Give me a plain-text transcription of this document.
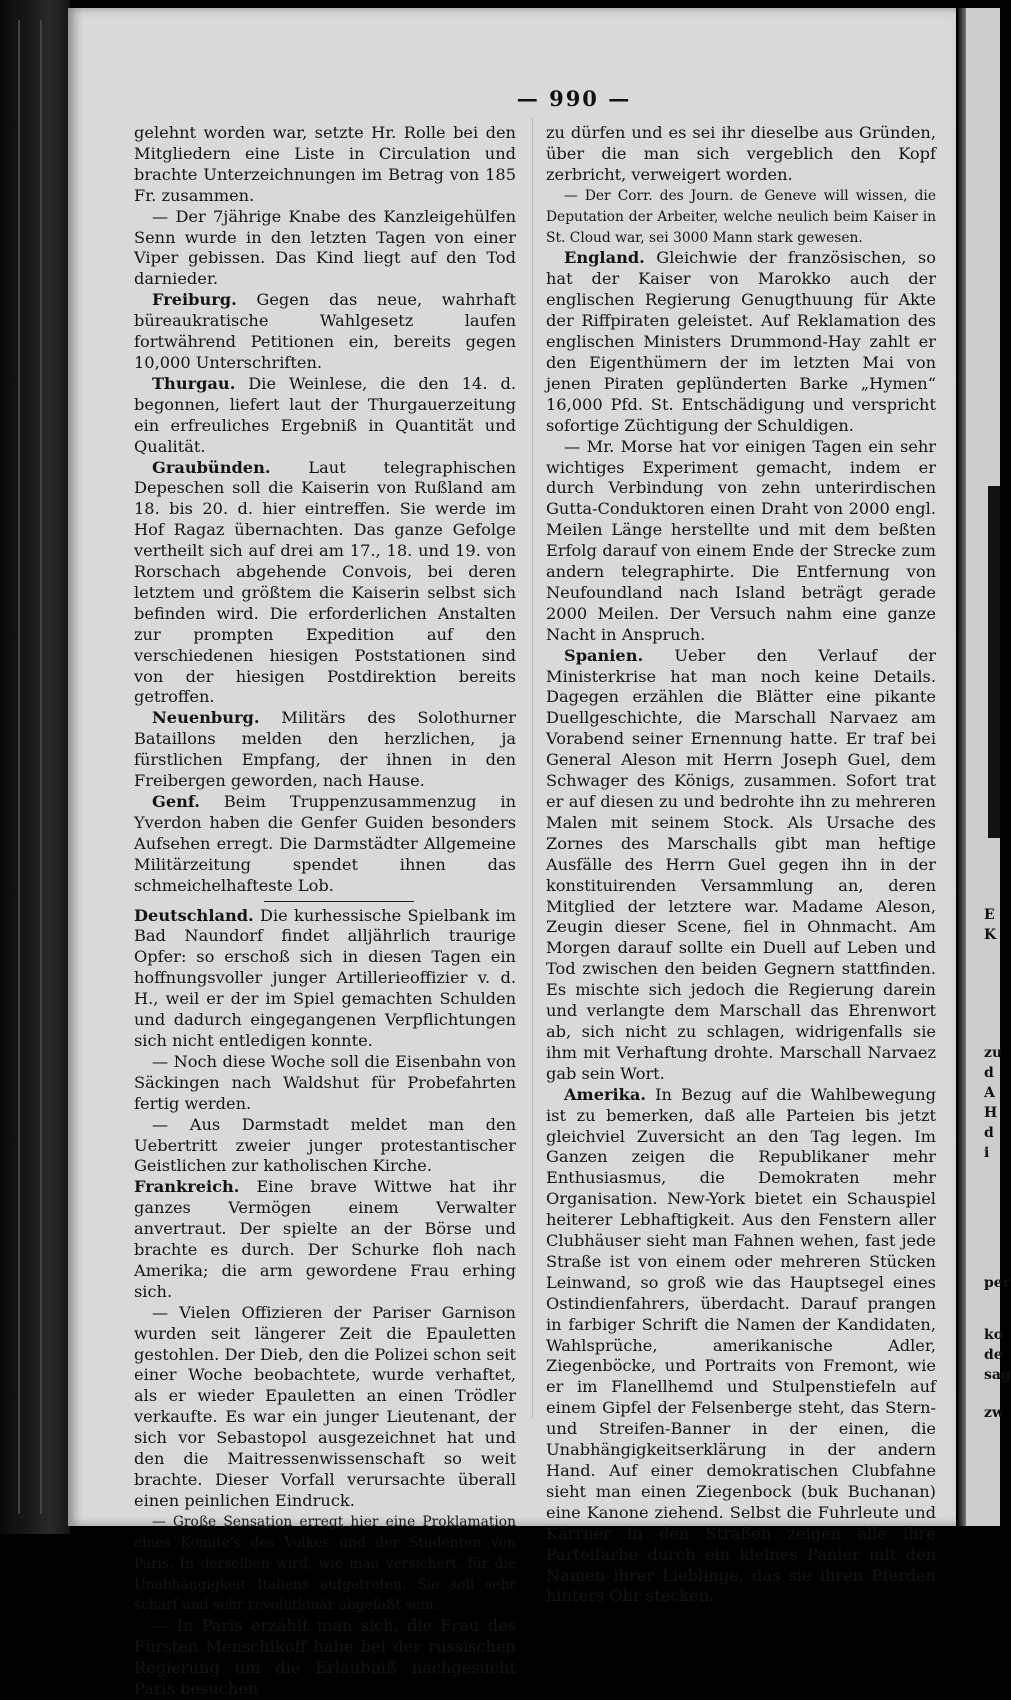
— 990 —

gelehnt worden war, setzte Hr. Rolle bei den Mitgliedern eine Liste in Circulation und brachte Unterzeichnungen im Betrag von 185 Fr. zusammen.

— Der 7jährige Knabe des Kanzleigehülfen Senn wurde in den letzten Tagen von einer Viper gebissen. Das Kind liegt auf den Tod darnieder.

Freiburg. Gegen das neue, wahrhaft büreaukratische Wahlgesetz laufen fortwährend Petitionen ein, bereits gegen 10,000 Unterschriften.

Thurgau. Die Weinlese, die den 14. d. begonnen, liefert laut der Thurgauerzeitung ein erfreuliches Ergebniß in Quantität und Qualität.

Graubünden. Laut telegraphischen Depeschen soll die Kaiserin von Rußland am 18. bis 20. d. hier eintreffen. Sie werde im Hof Ragaz übernachten. Das ganze Gefolge vertheilt sich auf drei am 17., 18. und 19. von Rorschach abgehende Convois, bei deren letztem und größtem die Kaiserin selbst sich befinden wird. Die erforderlichen Anstalten zur prompten Expedition auf den verschiedenen hiesigen Poststationen sind von der hiesigen Postdirektion bereits getroffen.

Neuenburg. Militärs des Solothurner Bataillons melden den herzlichen, ja fürstlichen Empfang, der ihnen in den Freibergen geworden, nach Hause.

Genf. Beim Truppenzusammenzug in Yverdon haben die Genfer Guiden besonders Aufsehen erregt. Die Darmstädter Allgemeine Militärzeitung spendet ihnen das schmeichelhafteste Lob.

Deutschland. Die kurhessische Spielbank im Bad Naundorf findet alljährlich traurige Opfer: so erschoß sich in diesen Tagen ein hoffnungsvoller junger Artillerieoffizier v. d. H., weil er der im Spiel gemachten Schulden und dadurch eingegangenen Verpflichtungen sich nicht entledigen konnte.

— Noch diese Woche soll die Eisenbahn von Säckingen nach Waldshut für Probefahrten fertig werden.

— Aus Darmstadt meldet man den Uebertritt zweier junger protestantischer Geistlichen zur katholischen Kirche.

Frankreich. Eine brave Wittwe hat ihr ganzes Vermögen einem Verwalter anvertraut. Der spielte an der Börse und brachte es durch. Der Schurke floh nach Amerika; die arm gewordene Frau erhing sich.

— Vielen Offizieren der Pariser Garnison wurden seit längerer Zeit die Epauletten gestohlen. Der Dieb, den die Polizei schon seit einer Woche beobachtete, wurde verhaftet, als er wieder Epauletten an einen Trödler verkaufte. Es war ein junger Lieutenant, der sich vor Sebastopol ausgezeichnet hat und den die Maitressenwissenschaft so weit brachte. Dieser Vorfall verursachte überall einen peinlichen Eindruck.

— Große Sensation erregt hier eine Proklamation eines Komite's des Volkes und der Studenten von Paris. In derselben wird, wie man versichert, für die Unabhängigkeit Italiens aufgetreten. Sie soll sehr scharf und sehr revolutionär abgefaßt sein.

— In Paris erzählt man sich, die Frau des Fürsten Menschikoff habe bei der russischen Regierung um die Erlaubniß nachgesucht Paris besuchen

zu dürfen und es sei ihr dieselbe aus Gründen, über die man sich vergeblich den Kopf zerbricht, verweigert worden.

— Der Corr. des Journ. de Geneve will wissen, die Deputation der Arbeiter, welche neulich beim Kaiser in St. Cloud war, sei 3000 Mann stark gewesen.

England. Gleichwie der französischen, so hat der Kaiser von Marokko auch der englischen Regierung Genugthuung für Akte der Riffpiraten geleistet. Auf Reklamation des englischen Ministers Drummond-Hay zahlt er den Eigenthümern der im letzten Mai von jenen Piraten geplünderten Barke „Hymen“ 16,000 Pfd. St. Entschädigung und verspricht sofortige Züchtigung der Schuldigen.

— Mr. Morse hat vor einigen Tagen ein sehr wichtiges Experiment gemacht, indem er durch Verbindung von zehn unterirdischen Gutta-Conduktoren einen Draht von 2000 engl. Meilen Länge herstellte und mit dem beßten Erfolg darauf von einem Ende der Strecke zum andern telegraphirte. Die Entfernung von Neufoundland nach Island beträgt gerade 2000 Meilen. Der Versuch nahm eine ganze Nacht in Anspruch.

Spanien. Ueber den Verlauf der Ministerkrise hat man noch keine Details. Dagegen erzählen die Blätter eine pikante Duellgeschichte, die Marschall Narvaez am Vorabend seiner Ernennung hatte. Er traf bei General Aleson mit Herrn Joseph Guel, dem Schwager des Königs, zusammen. Sofort trat er auf diesen zu und bedrohte ihn zu mehreren Malen mit seinem Stock. Als Ursache des Zornes des Marschalls gibt man heftige Ausfälle des Herrn Guel gegen ihn in der konstituirenden Versammlung an, deren Mitglied der letztere war. Madame Aleson, Zeugin dieser Scene, fiel in Ohnmacht. Am Morgen darauf sollte ein Duell auf Leben und Tod zwischen den beiden Gegnern stattfinden. Es mischte sich jedoch die Regierung darein und verlangte dem Marschall das Ehrenwort ab, sich nicht zu schlagen, widrigenfalls sie ihm mit Verhaftung drohte. Marschall Narvaez gab sein Wort.

Amerika. In Bezug auf die Wahlbewegung ist zu bemerken, daß alle Parteien bis jetzt gleichviel Zuversicht an den Tag legen. Im Ganzen zeigen die Republikaner mehr Enthusiasmus, die Demokraten mehr Organisation. New-York bietet ein Schauspiel heiterer Lebhaftigkeit. Aus den Fenstern aller Clubhäuser sieht man Fahnen wehen, fast jede Straße ist von einem oder mehreren Stücken Leinwand, so groß wie das Hauptsegel eines Ostindienfahrers, überdacht. Darauf prangen in farbiger Schrift die Namen der Kandidaten, Wahlsprüche, amerikanische Adler, Ziegenböcke, und Portraits von Fremont, wie er im Flanellhemd und Stulpenstiefeln auf einem Gipfel der Felsenberge steht, das Stern- und Streifen-Banner in der einen, die Unabhängigkeitserklärung in der andern Hand. Auf einer demokratischen Clubfahne sieht man einen Ziegenbock (buk Buchanan) eine Kanone ziehend. Selbst die Fuhrleute und Kärrner in den Straßen zeigen alle ihre Parteifarbe durch ein kleines Panier mit den Namen ihrer Lieblinge, das sie ihren Pferden hinters Ohr stecken.

E
K
zu
d
A
H
d
i
per
ko
de
sag
zw
